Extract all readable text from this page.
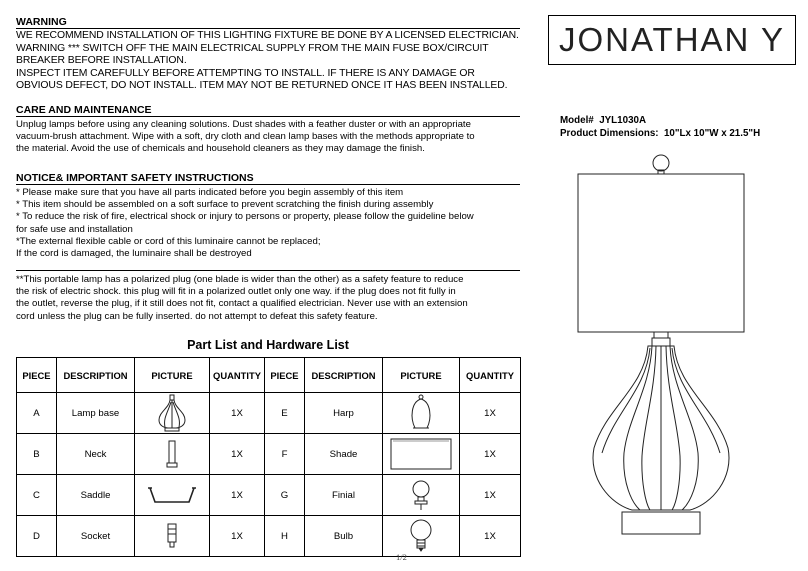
WARNING
WE RECOMMEND INSTALLATION OF THIS LIGHTING FIXTURE BE DONE BY A LICENSED ELECTRICIAN.
WARNING *** SWITCH OFF THE MAIN ELECTRICAL SUPPLY FROM THE MAIN FUSE BOX/CIRCUIT
BREAKER BEFORE INSTALLATION.
INSPECT ITEM CAREFULLY BEFORE ATTEMPTING TO INSTALL. IF THERE IS ANY DAMAGE OR
OBVIOUS DEFECT, DO NOT INSTALL. ITEM MAY NOT BE RETURNED ONCE IT HAS BEEN INSTALLED.
CARE AND MAINTENANCE
Unplug lamps before using any cleaning solutions. Dust shades with a feather duster or with an appropriate
vacuum-brush attachment. Wipe with a soft, dry cloth and clean lamp bases with the methods appropriate to
the material. Avoid the use of chemicals and household cleaners as they may damage the finish.
NOTICE& IMPORTANT SAFETY INSTRUCTIONS
* Please make sure that you have all parts indicated before you begin assembly of this item
* This item should be assembled on a soft surface to prevent scratching the finish during assembly
* To reduce the risk of fire, electrical shock or injury to persons or property, please follow the guideline below
for safe use and installation
*The external flexible cable or cord of this luminaire cannot be replaced;
If the cord is damaged, the luminaire shall be destroyed
**This portable lamp has a polarized plug (one blade is wider than the other) as a safety feature to reduce
the risk of electric shock. this plug will fit in a polarized outlet only one way. if the plug does not fit fully in
the outlet, reverse the plug, if it still does not fit, contact a qualified electrician. Never use with an extension
cord unless the plug can be fully inserted. do not attempt to defeat this safety feature.
JONATHAN Y
Model# JYL1030A
Product Dimensions: 10"Lx 10"W x 21.5"H
Part List and Hardware List
PIECE	DESCRIPTION	PICTURE	QUANTITY	PIECE	DESCRIPTION	PICTURE	QUANTITY
A	Lamp base		1X	E	Harp		1X
B	Neck		1X	F	Shade		1X
C	Saddle		1X	G	Finial		1X
D	Socket		1X	H	Bulb		1X
1/2
